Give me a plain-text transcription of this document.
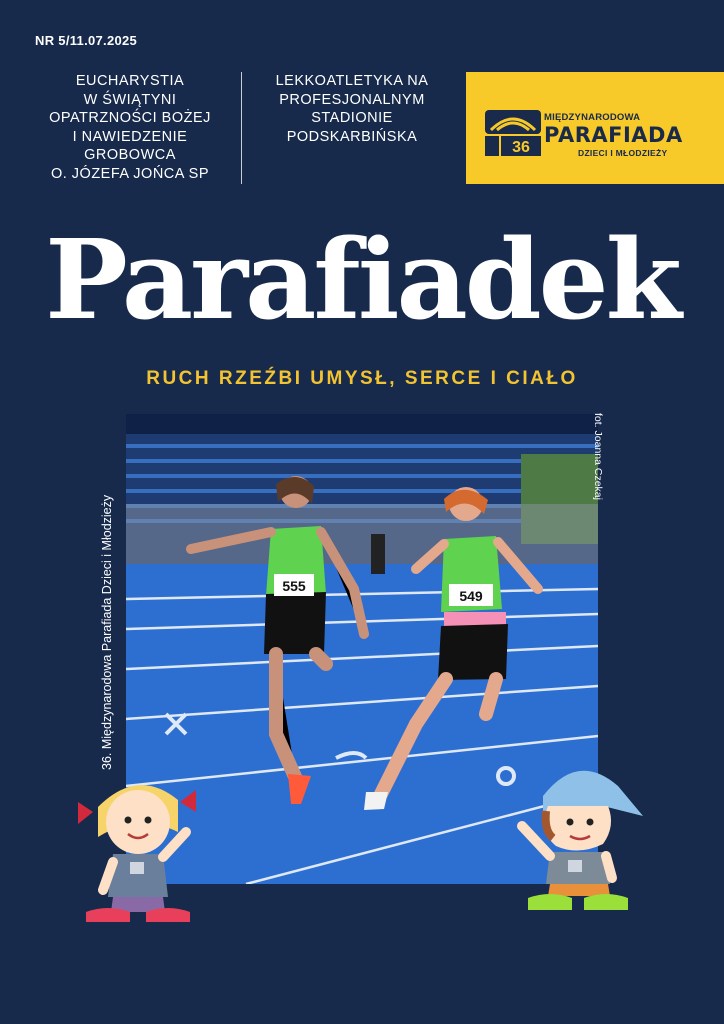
NR 5/11.07.2025
EUCHARYSTIA
W ŚWIĄTYNI
OPATRZNOŚCI BOŻEJ
I NAWIEDZENIE
GROBOWCA
O. JÓZEFA JOŃCA SP
LEKKOATLETYKA NA
PROFESJONALNYM
STADIONIE
PODSKARBIŃSKA
36
MIĘDZYNARODOWA
PARAFIADA
DZIECI I MŁODZIEŻY
Parafiadek
RUCH RZEŹBI UMYSŁ, SERCE I CIAŁO
555
549
36. Międzynarodowa Parafiada Dzieci i Młodzieży
fot. Joanna Czekaj
